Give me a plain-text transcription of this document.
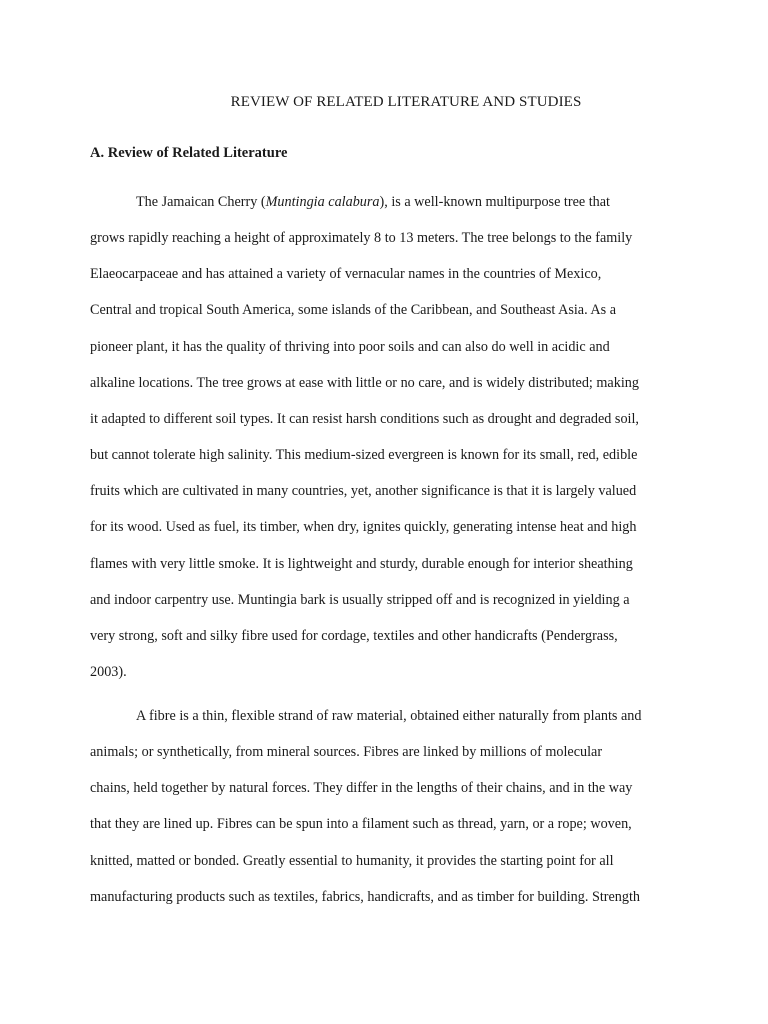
REVIEW OF RELATED LITERATURE AND STUDIES
A. Review of Related Literature
The Jamaican Cherry (Muntingia calabura), is a well-known multipurpose tree that
grows rapidly reaching a height of approximately 8 to 13 meters. The tree belongs to the family
Elaeocarpaceae and has attained a variety of vernacular names in the countries of Mexico,
Central and tropical South America, some islands of the Caribbean, and Southeast Asia. As a
pioneer plant, it has the quality of thriving into poor soils and can also do well in acidic and
alkaline locations. The tree grows at ease with little or no care, and is widely distributed; making
it adapted to different soil types. It can resist harsh conditions such as drought and degraded soil,
but cannot tolerate high salinity. This medium-sized evergreen is known for its small, red, edible
fruits which are cultivated in many countries, yet, another significance is that it is largely valued
for its wood. Used as fuel, its timber, when dry, ignites quickly, generating intense heat and high
flames with very little smoke. It is lightweight and sturdy, durable enough for interior sheathing
and indoor carpentry use. Muntingia bark is usually stripped off and is recognized in yielding a
very strong, soft and silky fibre used for cordage, textiles and other handicrafts (Pendergrass,
2003).
A fibre is a thin, flexible strand of raw material, obtained either naturally from plants and
animals; or synthetically, from mineral sources. Fibres are linked by millions of molecular
chains, held together by natural forces. They differ in the lengths of their chains, and in the way
that they are lined up. Fibres can be spun into a filament such as thread, yarn, or a rope; woven,
knitted, matted or bonded. Greatly essential to humanity, it provides the starting point for all
manufacturing products such as textiles, fabrics, handicrafts, and as timber for building. Strength
